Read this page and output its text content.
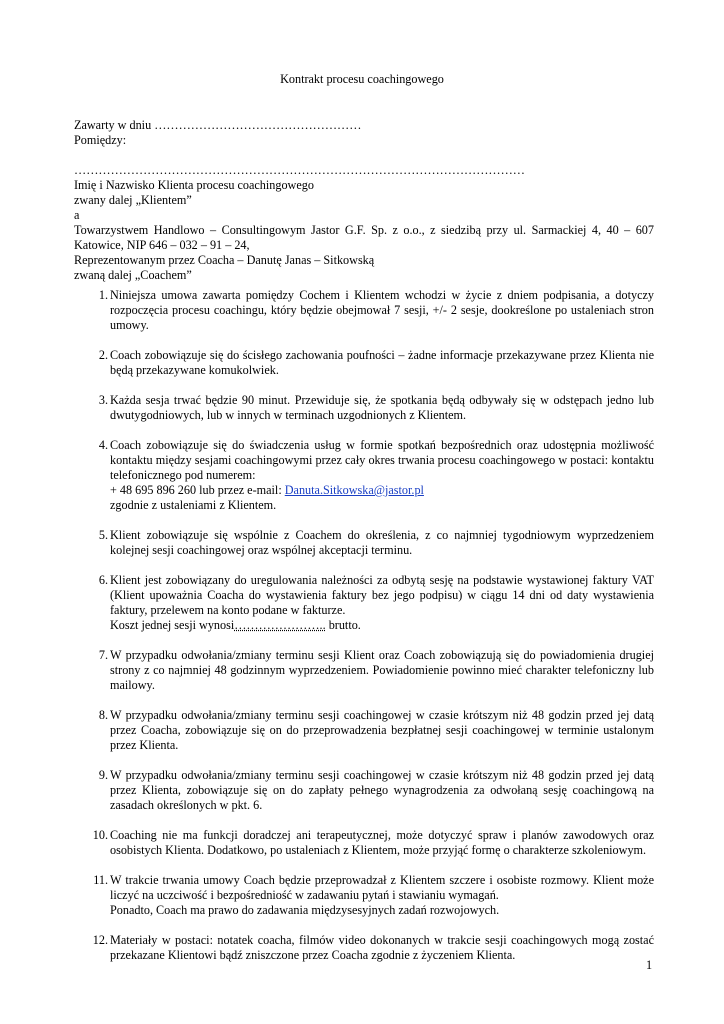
Kontrakt procesu coachingowego
Zawarty w dniu ……………………………………………
Pomiędzy:
…………………………………………………………………………………………………
Imię i Nazwisko Klienta procesu coachingowego
zwany dalej „Klientem”
a
Towarzystwem Handlowo – Consultingowym Jastor G.F. Sp. z o.o., z siedzibą przy ul. Sarmackiej 4, 40 – 607 Katowice, NIP 646 – 032 – 91 – 24,
Reprezentowanym przez Coacha – Danutę Janas – Sitkowską
zwaną dalej „Coachem”
1. Niniejsza umowa zawarta pomiędzy Cochem i Klientem wchodzi w życie z dniem podpisania, a dotyczy rozpoczęcia procesu coachingu, który będzie obejmował 7 sesji, +/- 2 sesje, dookreślone po ustaleniach stron umowy.
2. Coach zobowiązuje się do ścisłego zachowania poufności – żadne informacje przekazywane przez Klienta nie będą przekazywane komukolwiek.
3. Każda sesja trwać będzie 90 minut. Przewiduje się, że spotkania będą odbywały się w odstępach jedno lub dwutygodniowych, lub w innych w terminach uzgodnionych z Klientem.
4. Coach zobowiązuje się do świadczenia usług w formie spotkań bezpośrednich oraz udostępnia możliwość kontaktu między sesjami coachingowymi przez cały okres trwania procesu coachingowego w postaci: kontaktu telefonicznego pod numerem:
+ 48 695 896 260 lub przez e-mail: Danuta.Sitkowska@jastor.pl
zgodnie z ustaleniami z Klientem.
5. Klient zobowiązuje się wspólnie z Coachem do określenia, z co najmniej tygodniowym wyprzedzeniem kolejnej sesji coachingowej oraz wspólnej akceptacji terminu.
6. Klient jest zobowiązany do uregulowania należności za odbytą sesję na podstawie wystawionej faktury VAT (Klient upoważnia Coacha do wystawienia faktury bez jego podpisu) w ciągu 14 dni od daty wystawienia faktury, przelewem na konto podane w fakturze.
Koszt jednej sesji wynosi………………….. brutto.
7. W przypadku odwołania/zmiany terminu sesji Klient oraz Coach zobowiązują się do powiadomienia drugiej strony z co najmniej 48 godzinnym wyprzedzeniem. Powiadomienie powinno mieć charakter telefoniczny lub mailowy.
8. W przypadku odwołania/zmiany terminu sesji coachingowej w czasie krótszym niż 48 godzin przed jej datą przez Coacha, zobowiązuje się on do przeprowadzenia bezpłatnej sesji coachingowej w terminie ustalonym przez Klienta.
9. W przypadku odwołania/zmiany terminu sesji coachingowej w czasie krótszym niż 48 godzin przed jej datą przez Klienta, zobowiązuje się on do zapłaty pełnego wynagrodzenia za odwołaną sesję coachingową na zasadach określonych w pkt. 6.
10. Coaching nie ma funkcji doradczej ani terapeutycznej, może dotyczyć spraw i planów zawodowych oraz osobistych Klienta. Dodatkowo, po ustaleniach z Klientem, może przyjąć formę o charakterze szkoleniowym.
11. W trakcie trwania umowy Coach będzie przeprowadzał z Klientem szczere i osobiste rozmowy. Klient może liczyć na uczciwość i bezpośredniość w zadawaniu pytań i stawianiu wymagań.
Ponadto, Coach ma prawo do zadawania międzysesyjnych zadań rozwojowych.
12. Materiały w postaci: notatek coacha, filmów video dokonanych w trakcie sesji coachingowych mogą zostać przekazane Klientowi bądź zniszczone przez Coacha zgodnie z życzeniem Klienta.
1
